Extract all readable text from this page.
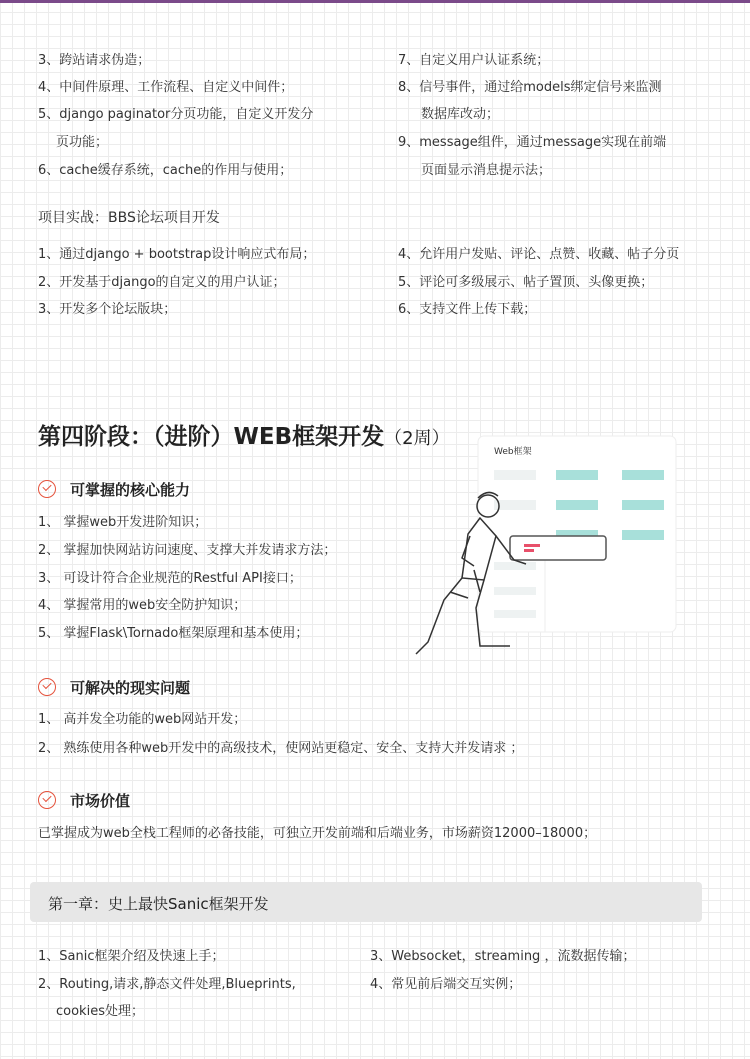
3、跨站请求伪造；
4、中间件原理、工作流程、自定义中间件；
5、django paginator分页功能，自定义开发分
页功能；
6、cache缓存系统，cache的作用与使用；
7、自定义用户认证系统；
8、信号事件，通过给models绑定信号来监测
数据库改动；
9、message组件，通过message实现在前端
页面显示消息提示法；
项目实战：BBS论坛项目开发
1、通过django + bootstrap设计响应式布局；
2、开发基于django的自定义的用户认证；
3、开发多个论坛版块；
4、允许用户发贴、评论、点赞、收藏、帖子分页
5、评论可多级展示、帖子置顶、头像更换；
6、支持文件上传下载；
第四阶段：（进阶）WEB框架开发（2周）
Web框架
可掌握的核心能力
1、 掌握web开发进阶知识；
2、 掌握加快网站访问速度、支撑大并发请求方法；
3、 可设计符合企业规范的Restful API接口；
4、 掌握常用的web安全防护知识；
5、 掌握Flask\Tornado框架原理和基本使用；
可解决的现实问题
1、 高并发全功能的web网站开发；
2、 熟练使用各种web开发中的高级技术，使网站更稳定、安全、支持大并发请求 ；
市场价值
已掌握成为web全栈工程师的必备技能，可独立开发前端和后端业务，市场薪资12000–18000；
第一章：史上最快Sanic框架开发
1、Sanic框架介绍及快速上手；
2、Routing,请求,静态文件处理,Blueprints,
cookies处理；
3、Websocket，streaming ，流数据传输；
4、常见前后端交互实例；
